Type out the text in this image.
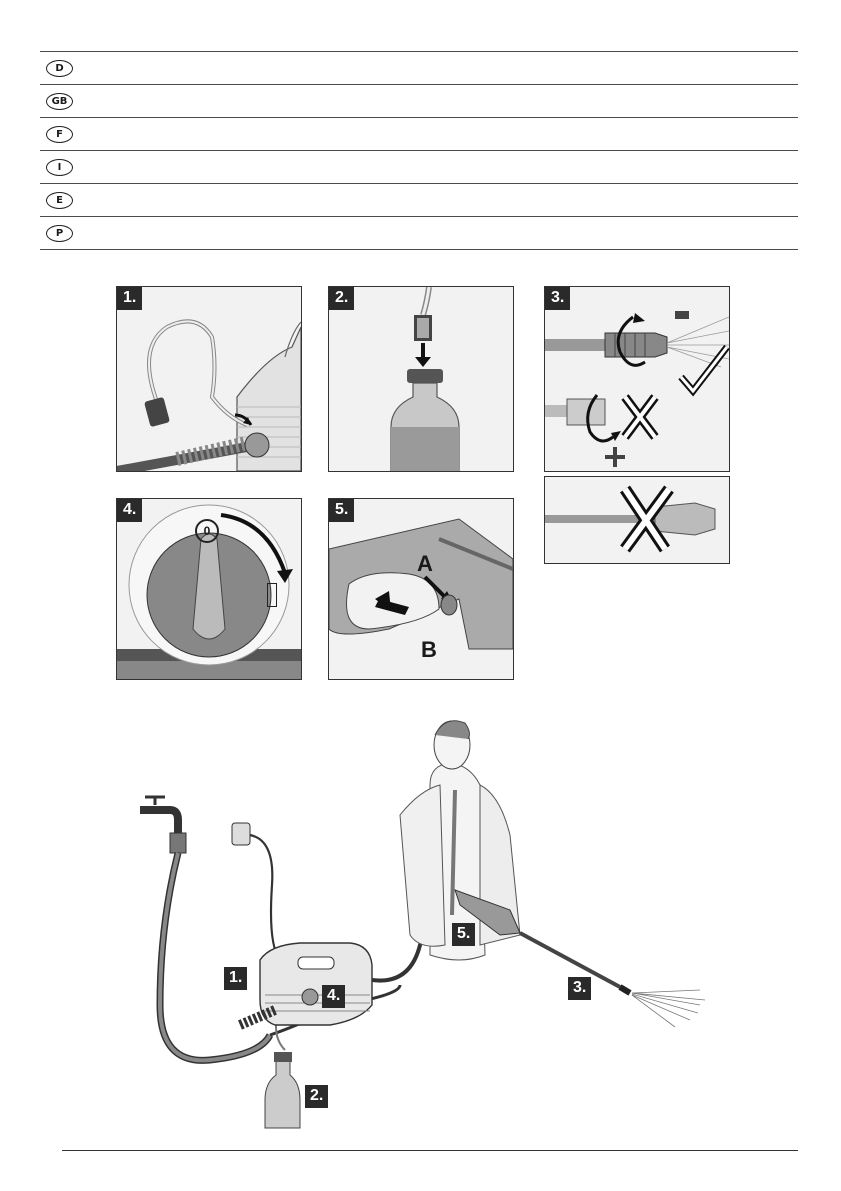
D
GB
F
I
E
P
1.	2.	3.
0
4.
A
B
5.
1.
2.
3.
4.
5.
